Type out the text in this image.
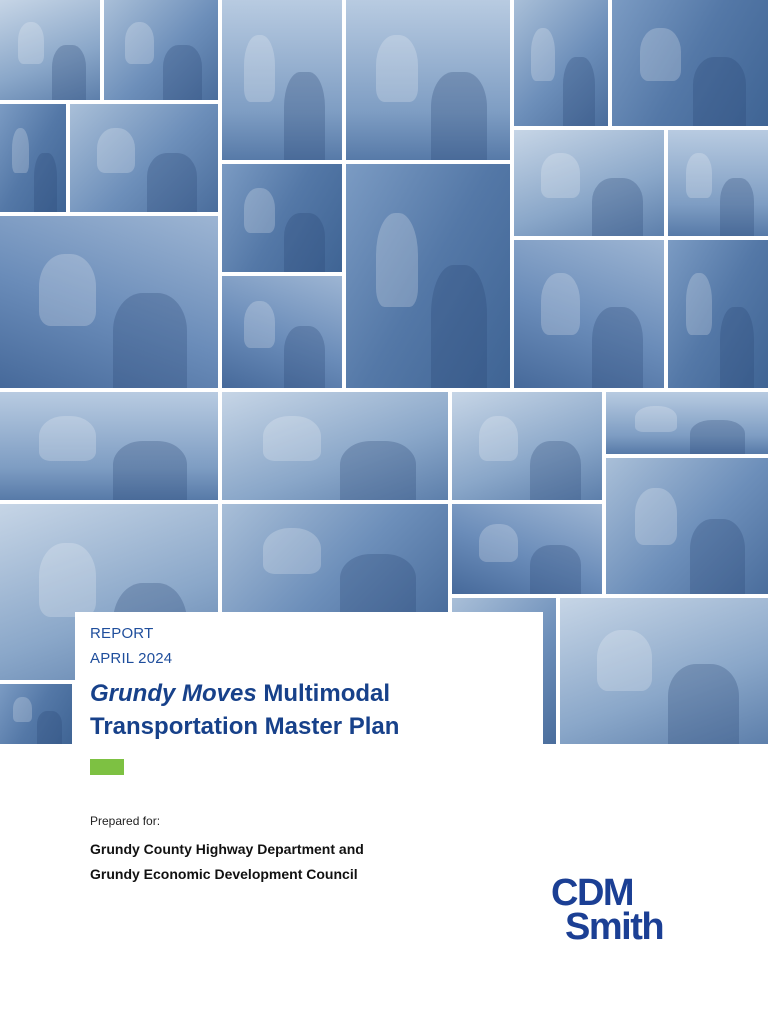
REPORT
APRIL 2024
Grundy Moves Multimodal Transportation Master Plan
Prepared for:
Grundy County Highway Department and
Grundy Economic Development Council	CDM
Smith
